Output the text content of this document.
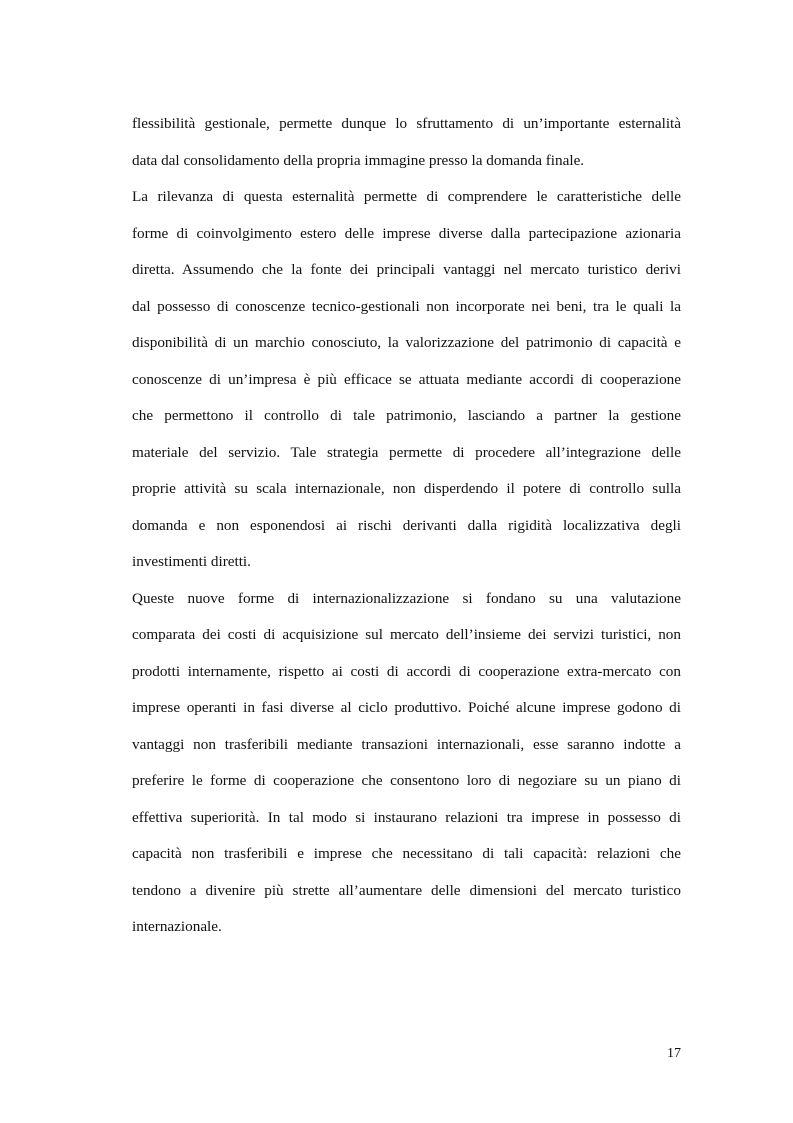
flessibilità gestionale, permette dunque lo sfruttamento di un’importante esternalità
data dal consolidamento della propria immagine presso la domanda finale.
La rilevanza di questa esternalità permette di comprendere le caratteristiche delle
forme di coinvolgimento estero delle imprese diverse dalla partecipazione azionaria
diretta. Assumendo che la fonte dei principali vantaggi nel mercato turistico derivi
dal possesso di conoscenze tecnico-gestionali non incorporate nei beni, tra le quali la
disponibilità di un marchio conosciuto, la valorizzazione del patrimonio di capacità e
conoscenze di un’impresa è più efficace se attuata mediante accordi di cooperazione
che permettono il controllo di tale patrimonio, lasciando a partner la gestione
materiale del servizio. Tale strategia permette di procedere all’integrazione delle
proprie attività su scala internazionale, non disperdendo il potere di controllo sulla
domanda e non esponendosi ai rischi derivanti dalla rigidità localizzativa degli
investimenti diretti.
Queste nuove forme di internazionalizzazione si fondano su una valutazione
comparata dei costi di acquisizione sul mercato dell’insieme dei servizi turistici, non
prodotti internamente, rispetto ai costi di accordi di cooperazione extra-mercato con
imprese operanti in fasi diverse al ciclo produttivo. Poiché alcune imprese godono di
vantaggi non trasferibili mediante transazioni internazionali, esse saranno indotte a
preferire le forme di cooperazione che consentono loro di negoziare su un piano di
effettiva superiorità. In tal modo si instaurano relazioni tra imprese in possesso di
capacità non trasferibili e imprese che necessitano di tali capacità: relazioni che
tendono a divenire più strette all’aumentare delle dimensioni del mercato turistico
internazionale.
17
